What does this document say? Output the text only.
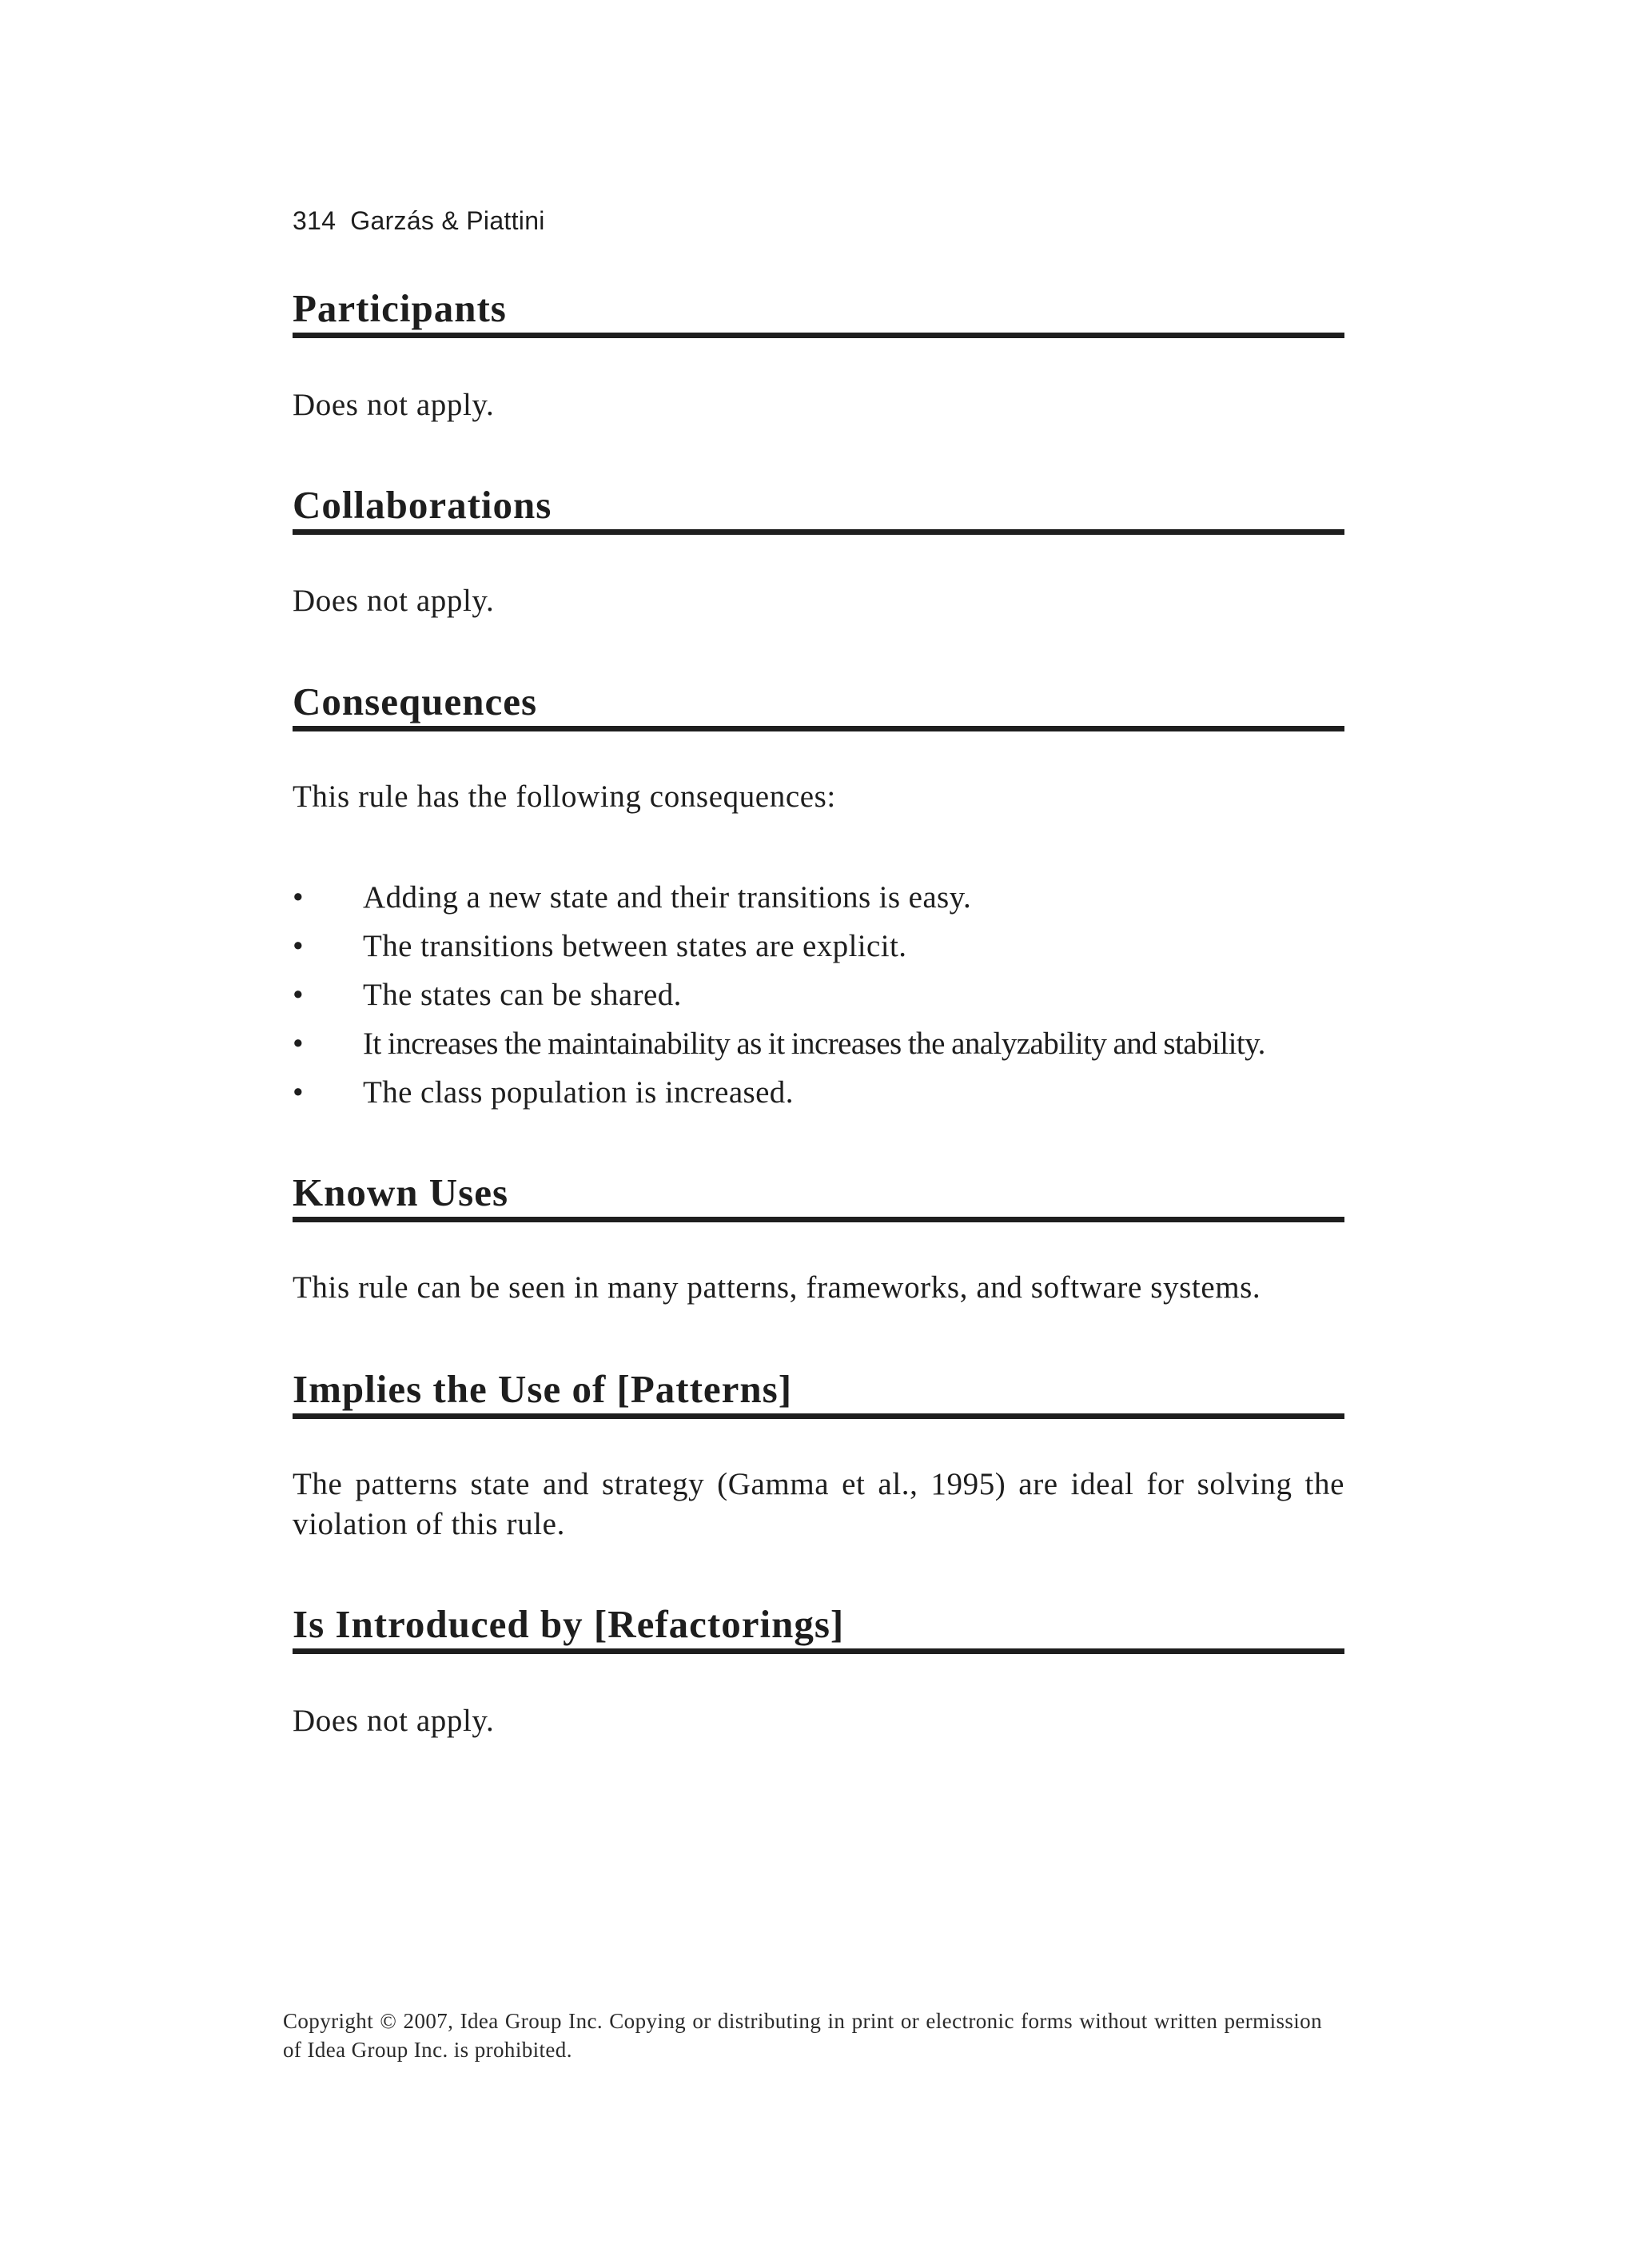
314 Garzás & Piattini
Participants

Does not apply.

Collaborations

Does not apply.

Consequences

This rule has the following consequences:

• Adding a new state and their transitions is easy.
• The transitions between states are explicit.
• The states can be shared.
• It increases the maintainability as it increases the analyzability and stability.
• The class population is increased.
Known Uses

This rule can be seen in many patterns, frameworks, and software systems.

Implies the Use of [Patterns]

The patterns state and strategy (Gamma et al., 1995) are ideal for solving the violation of this rule.

Is Introduced by [Refactorings]

Does not apply.

Copyright © 2007, Idea Group Inc. Copying or distributing in print or electronic forms without written permission of Idea Group Inc. is prohibited.
